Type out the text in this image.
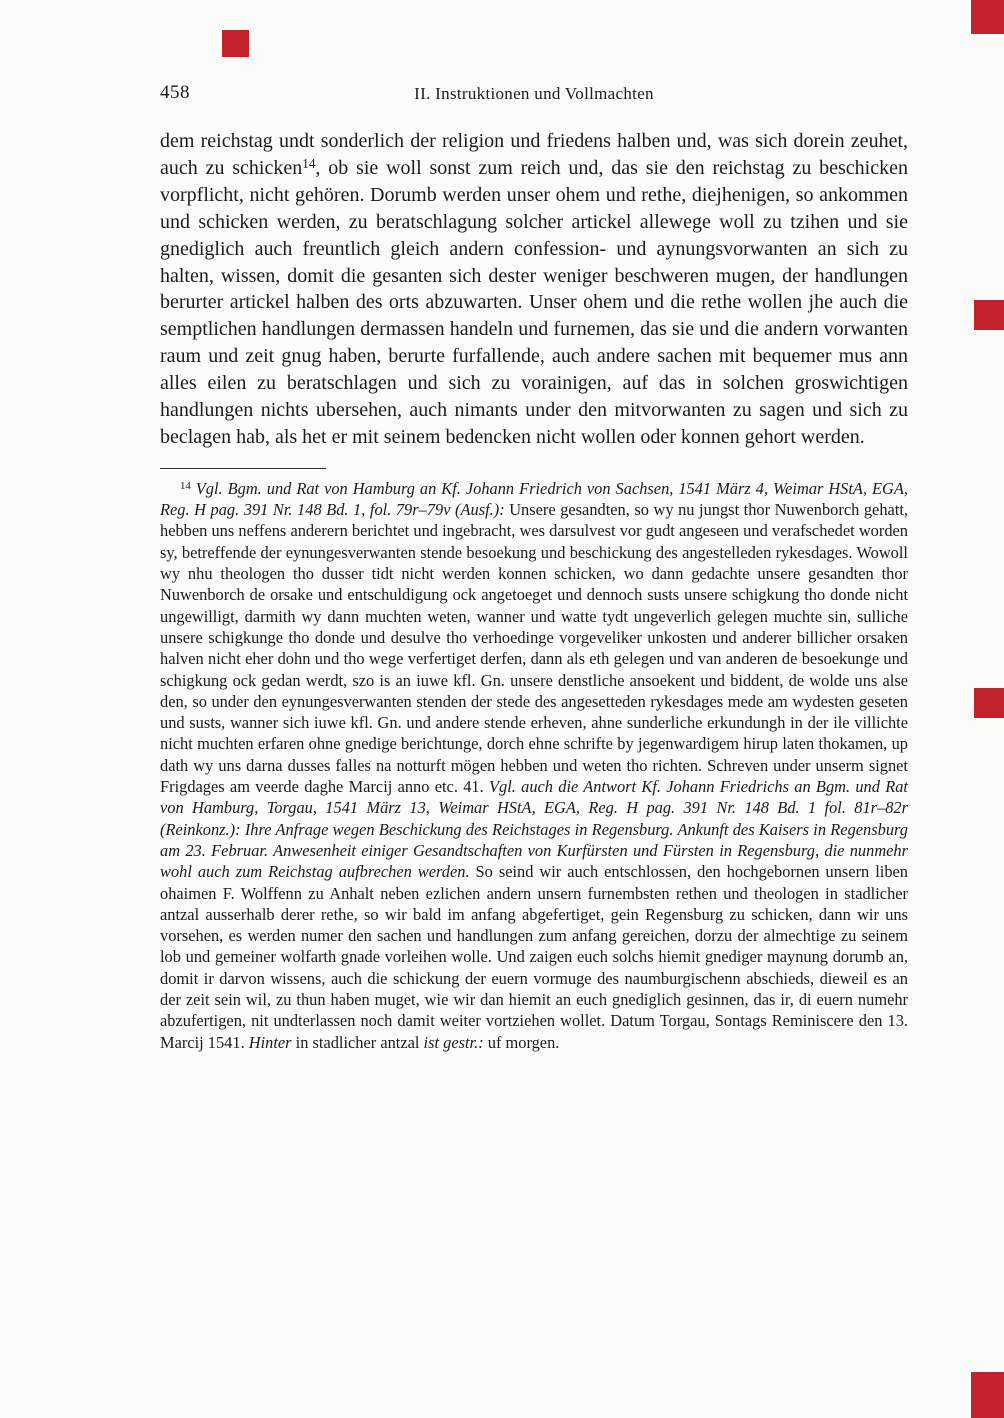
458	II. Instruktionen und Vollmachten

dem reichstag undt sonderlich der religion und friedens halben und, was sich dorein zeuhet, auch zu schicken$^{14}$, ob sie woll sonst zum reich und, das sie den reichstag zu beschicken vorpflicht, nicht gehören. Dorumb werden unser ohem und rethe, diejhenigen, so ankommen und schicken werden, zu beratschlagung solcher artickel allewege woll zu tzihen und sie gnediglich auch freuntlich gleich andern confession- und aynungsvorwanten an sich zu halten, wissen, domit die gesanten sich dester weniger beschweren mugen, der handlungen berurter artickel halben des orts abzuwarten. Unser ohem und die rethe wollen jhe auch die semptlichen handlungen dermassen handeln und furnemen, das sie und die andern vorwanten raum und zeit gnug haben, berurte furfallende, auch andere sachen mit bequemer mus ann alles eilen zu beratschlagen und sich zu vorainigen, auf das in solchen groswichtigen handlungen nichts ubersehen, auch nimants under den mitvorwanten zu sagen und sich zu beclagen hab, als het er mit seinem bedencken nicht wollen oder konnen gehort werden.

$^{14}$ Vgl. Bgm. und Rat von Hamburg an Kf. Johann Friedrich von Sachsen, 1541 März 4, Weimar HStA, EGA, Reg. H pag. 391 Nr. 148 Bd. 1, fol. 79r–79v (Ausf.): Unsere gesandten, so wy nu jungst thor Nuwenborch gehatt, hebben uns neffens anderern berichtet und ingebracht, wes darsulvest vor gudt angeseen und verafschedet worden sy, betreffende der eynungesverwanten stende besoekung und beschickung des angestelleden rykesdages. Wowoll wy nhu theologen tho dusser tidt nicht werden konnen schicken, wo dann gedachte unsere gesandten thor Nuwenborch de orsake und entschuldigung ock angetoeget und dennoch susts unsere schigkung tho donde nicht ungewilligt, darmith wy dann muchten weten, wanner und watte tydt ungeverlich gelegen muchte sin, sulliche unsere schigkunge tho donde und desulve tho verhoedinge vorgeveliker unkosten und anderer billicher orsaken halven nicht eher dohn und tho wege verfertiget derfen, dann als eth gelegen und van anderen de besoekunge und schigkung ock gedan werdt, szo is an iuwe kfl. Gn. unsere denstliche ansoekent und biddent, de wolde uns alse den, so under den eynungesverwanten stenden der stede des angesetteden rykesdages mede am wydesten geseten und susts, wanner sich iuwe kfl. Gn. und andere stende erheven, ahne sunderliche erkundungh in der ile villichte nicht muchten erfaren ohne gnedige berichtunge, dorch ehne schrifte by jegenwardigem hirup laten thokamen, up dath wy uns darna dusses falles na notturft mögen hebben und weten tho richten. Schreven under unserm signet Frigdages am veerde daghe Marcij anno etc. 41. Vgl. auch die Antwort Kf. Johann Friedrichs an Bgm. und Rat von Hamburg, Torgau, 1541 März 13, Weimar HStA, EGA, Reg. H pag. 391 Nr. 148 Bd. 1 fol. 81r–82r (Reinkonz.): Ihre Anfrage wegen Beschickung des Reichstages in Regensburg. Ankunft des Kaisers in Regensburg am 23. Februar. Anwesenheit einiger Gesandtschaften von Kurfürsten und Fürsten in Regensburg, die nunmehr wohl auch zum Reichstag aufbrechen werden. So seind wir auch entschlossen, den hochgebornen unsern liben ohaimen F. Wolffenn zu Anhalt neben ezlichen andern unsern furnembsten rethen und theologen in stadlicher antzal ausserhalb derer rethe, so wir bald im anfang abgefertiget, gein Regensburg zu schicken, dann wir uns vorsehen, es werden numer den sachen und handlungen zum anfang gereichen, dorzu der almechtige zu seinem lob und gemeiner wolfarth gnade vorleihen wolle. Und zaigen euch solchs hiemit gnediger maynung dorumb an, domit ir darvon wissens, auch die schickung der euern vormuge des naumburgischenn abschieds, dieweil es an der zeit sein wil, zu thun haben muget, wie wir dan hiemit an euch gnediglich gesinnen, das ir, di euern numehr abzufertigen, nit undterlassen noch damit weiter vortziehen wollet. Datum Torgau, Sontags Reminiscere den 13. Marcij 1541. Hinter in stadlicher antzal ist gestr.: uf morgen.
